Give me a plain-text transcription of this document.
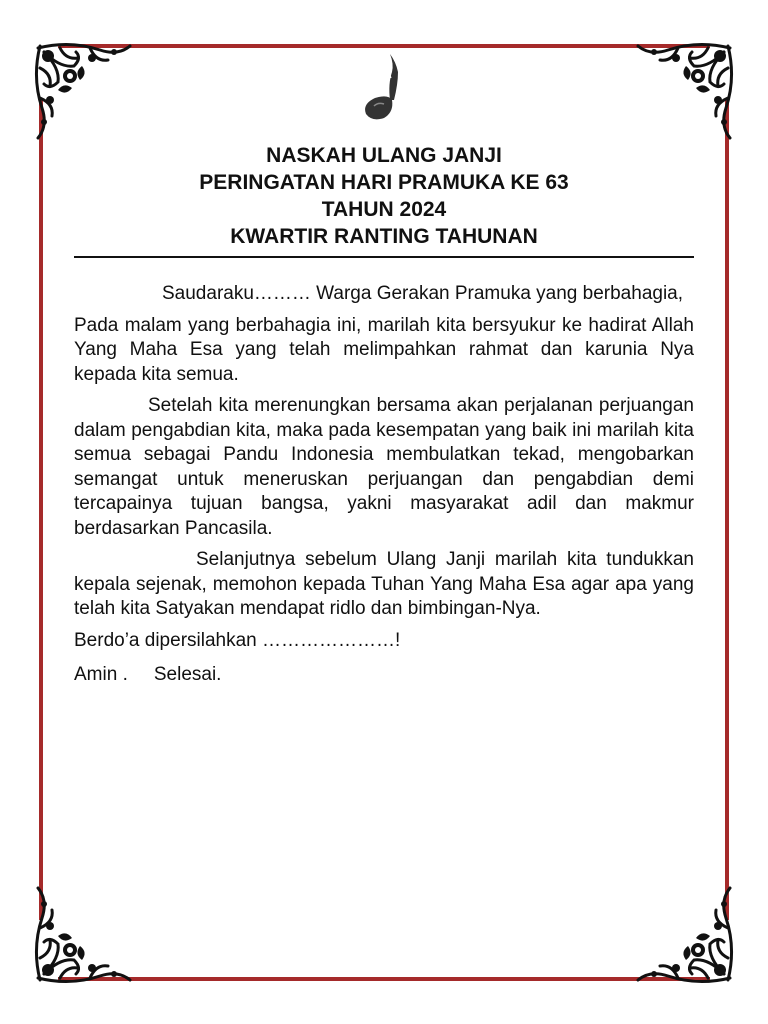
NASKAH ULANG JANJI
PERINGATAN HARI PRAMUKA KE 63
TAHUN 2024
KWARTIR RANTING TAHUNAN

Saudaraku……… Warga Gerakan Pramuka yang berbahagia,

Pada malam yang berbahagia ini, marilah kita bersyukur ke hadirat Allah Yang Maha Esa yang telah melimpahkan rahmat dan karunia Nya kepada kita semua.

Setelah kita merenungkan bersama akan perjalanan perjuangan dalam pengabdian kita, maka pada kesempatan yang baik ini marilah kita semua sebagai Pandu Indonesia membulatkan tekad, mengobarkan semangat untuk meneruskan perjuangan dan pengabdian demi tercapainya tujuan bangsa, yakni masyarakat adil dan makmur berdasarkan Pancasila.

Selanjutnya sebelum Ulang Janji marilah kita tundukkan kepala sejenak, memohon kepada Tuhan Yang Maha Esa agar apa yang telah kita Satyakan mendapat ridlo dan bimbingan-Nya.

Berdo’a dipersilahkan …………………!

Amin . Selesai.
